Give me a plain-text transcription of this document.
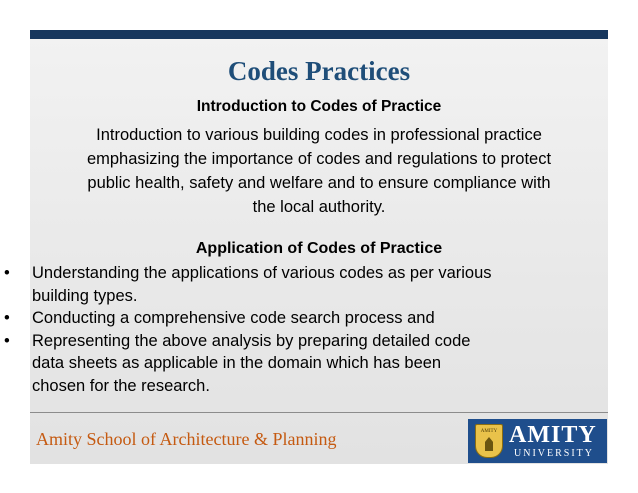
Codes Practices
Introduction to Codes of Practice
Introduction to various building codes in professional practice
emphasizing the importance of codes and regulations to protect
public health, safety and welfare and to ensure compliance with
the local authority.
Application of Codes of Practice
• Understanding the applications of various codes as per various
building types.
• Conducting a comprehensive code search process and
• Representing the above analysis by preparing detailed code
data sheets as applicable in the domain which has been
chosen for the research.
Amity School of Architecture & Planning	AMITY AMITY
UNIVERSITY
